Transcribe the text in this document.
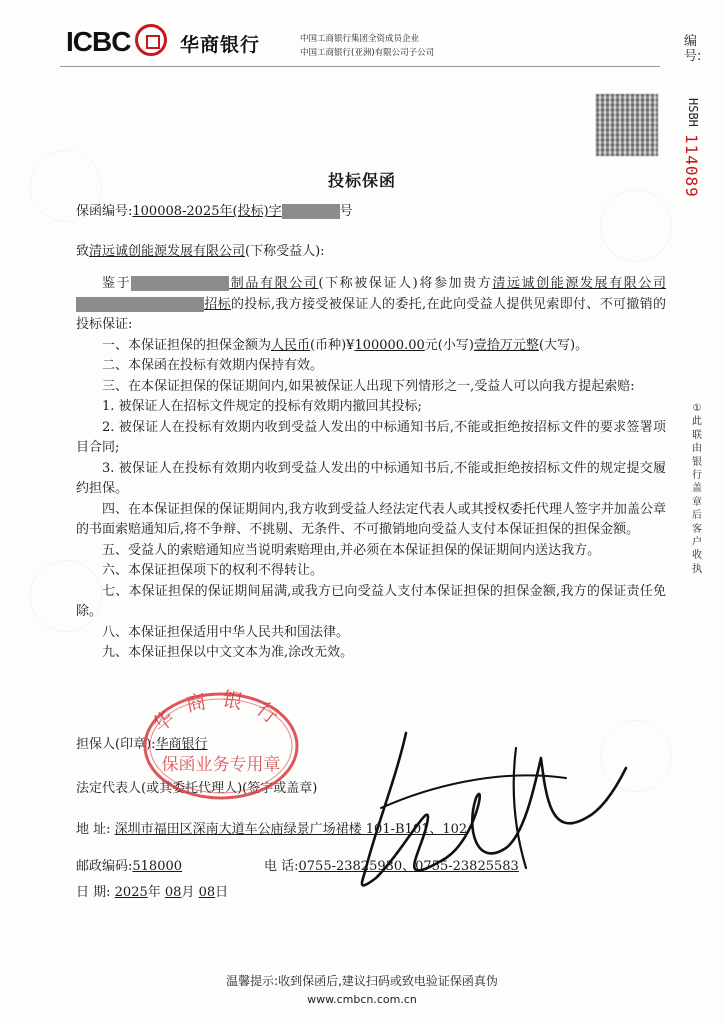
ICBC	华商银行	中国工商银行集团全资成员企业
中国工商银行(亚洲)有限公司子公司
编号:
HSBH
114089
①此联由银行盖章后客户收执
投标保函
保函编号:100008-2025年(投标)字	号
致清远诚创能源发展有限公司(下称受益人):

鉴于	制品有限公司(下称被保证人)将参加贵方清远诚创能源发展有限公司招标的投标,我方接受被保证人的委托,在此向受益人提供见索即付、不可撤销的投标保证:

一、本保证担保的担保金额为人民币(币种)¥100000.00元(小写)壹拾万元整(大写)。

二、本保函在投标有效期内保持有效。

三、在本保证担保的保证期间内,如果被保证人出现下列情形之一,受益人可以向我方提起索赔:

1. 被保证人在招标文件规定的投标有效期内撤回其投标;

2. 被保证人在投标有效期内收到受益人发出的中标通知书后,不能或拒绝按招标文件的要求签署项目合同;

3. 被保证人在投标有效期内收到受益人发出的中标通知书后,不能或拒绝按招标文件的规定提交履约担保。

四、在本保证担保的保证期间内,我方收到受益人经法定代表人或其授权委托代理人签字并加盖公章的书面索赔通知后,将不争辩、不挑剔、无条件、不可撤销地向受益人支付本保证担保的担保金额。

五、受益人的索赔通知应当说明索赔理由,并必须在本保证担保的保证期间内送达我方。

六、本保证担保项下的权利不得转让。

七、本保证担保的保证期间届满,或我方已向受益人支付本保证担保的担保金额,我方的保证责任免除。

八、本保证担保适用中华人民共和国法律。

九、本保证担保以中文文本为准,涂改无效。

担保人(印章):华商银行
法定代表人(或其委托代理人)(签字或盖章)
地 址: 深圳市福田区深南大道车公庙绿景广场裙楼 101-B101、102
邮政编码:518000	电 话:0755-23825930、0755-23825583
日 期: 2025年 08月 08日
华商银行
保函业务专用章
温馨提示:收到保函后,建议扫码或致电验证保函真伪
www.cmbcn.com.cn
